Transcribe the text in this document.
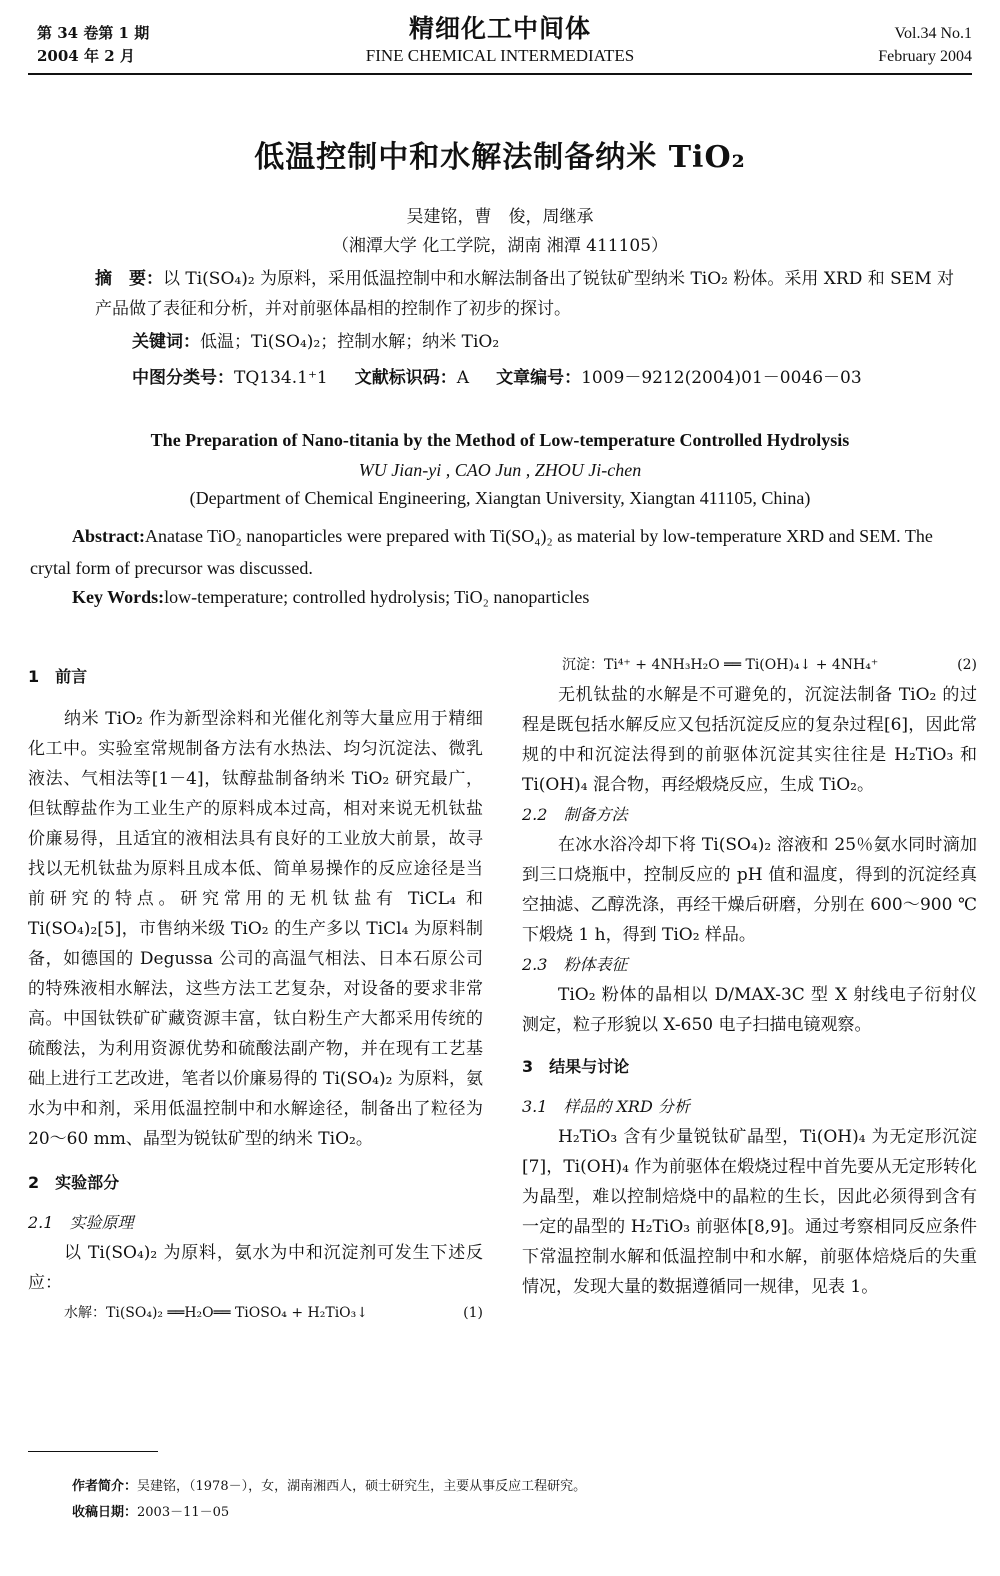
第 34 卷第 1 期
2004 年 2 月
精细化工中间体
FINE CHEMICAL INTERMEDIATES
Vol.34 No.1
February 2004
低温控制中和水解法制备纳米 TiO₂
吴建铭，曹　俊，周继承
（湘潭大学 化工学院，湖南 湘潭 411105）
摘　要：以 Ti(SO₄)₂ 为原料，采用低温控制中和水解法制备出了锐钛矿型纳米 TiO₂ 粉体。采用 XRD 和 SEM 对产品做了表征和分析，并对前驱体晶相的控制作了初步的探讨。
关键词：低温；Ti(SO₄)₂；控制水解；纳米 TiO₂
中图分类号：TQ134.1⁺1 文献标识码：A 文章编号：1009－9212(2004)01－0046－03
The Preparation of Nano-titania by the Method of Low-temperature Controlled Hydrolysis
WU Jian-yi , CAO Jun , ZHOU Ji-chen
(Department of Chemical Engineering, Xiangtan University, Xiangtan 411105, China)
Abstract:Anatase TiO₂ nanoparticles were prepared with Ti(SO₄)₂ as material by low-temperature XRD and SEM. The crytal form of precursor was discussed.
Key Words:low-temperature; controlled hydrolysis; TiO₂ nanoparticles

1　前言

纳米 TiO₂ 作为新型涂料和光催化剂等大量应用于精细化工中。实验室常规制备方法有水热法、均匀沉淀法、微乳液法、气相法等[1－4]，钛醇盐制备纳米 TiO₂ 研究最广，但钛醇盐作为工业生产的原料成本过高，相对来说无机钛盐价廉易得，且适宜的液相法具有良好的工业放大前景，故寻找以无机钛盐为原料且成本低、简单易操作的反应途径是当前研究的特点。研究常用的无机钛盐有 TiCL₄ 和 Ti(SO₄)₂[5]，市售纳米级 TiO₂ 的生产多以 TiCl₄ 为原料制备，如德国的 Degussa 公司的高温气相法、日本石原公司的特殊液相水解法，这些方法工艺复杂，对设备的要求非常高。中国钛铁矿矿藏资源丰富，钛白粉生产大都采用传统的硫酸法，为利用资源优势和硫酸法副产物，并在现有工艺基础上进行工艺改进，笔者以价廉易得的 Ti(SO₄)₂ 为原料，氨水为中和剂，采用低温控制中和水解途径，制备出了粒径为 20～60 mm、晶型为锐钛矿型的纳米 TiO₂。

2　实验部分

2.1　实验原理

以 Ti(SO₄)₂ 为原料，氨水为中和沉淀剂可发生下述反应：

水解：Ti(SO₄)₂ ══H₂O══ TiOSO₄ + H₂TiO₃↓	(1)
沉淀：Ti⁴⁺ + 4NH₃H₂O ══ Ti(OH)₄↓ + 4NH₄⁺	(2)

无机钛盐的水解是不可避免的，沉淀法制备 TiO₂ 的过程是既包括水解反应又包括沉淀反应的复杂过程[6]，因此常规的中和沉淀法得到的前驱体沉淀其实往往是 H₂TiO₃ 和 Ti(OH)₄ 混合物，再经煅烧反应，生成 TiO₂。

2.2　制备方法

在冰水浴冷却下将 Ti(SO₄)₂ 溶液和 25％氨水同时滴加到三口烧瓶中，控制反应的 pH 值和温度，得到的沉淀经真空抽滤、乙醇洗涤，再经干燥后研磨，分别在 600～900 ℃下煅烧 1 h，得到 TiO₂ 样品。

2.3　粉体表征

TiO₂ 粉体的晶相以 D/MAX-3C 型 X 射线电子衍射仪测定，粒子形貌以 X-650 电子扫描电镜观察。

3　结果与讨论

3.1　样品的 XRD 分析

H₂TiO₃ 含有少量锐钛矿晶型，Ti(OH)₄ 为无定形沉淀[7]，Ti(OH)₄ 作为前驱体在煅烧过程中首先要从无定形转化为晶型，难以控制焙烧中的晶粒的生长，因此必须得到含有一定的晶型的 H₂TiO₃ 前驱体[8,9]。通过考察相同反应条件下常温控制水解和低温控制中和水解，前驱体焙烧后的失重情况，发现大量的数据遵循同一规律，见表 1。

作者简介：吴建铭，（1978－），女，湖南湘西人，硕士研究生，主要从事反应工程研究。
收稿日期：2003－11－05
